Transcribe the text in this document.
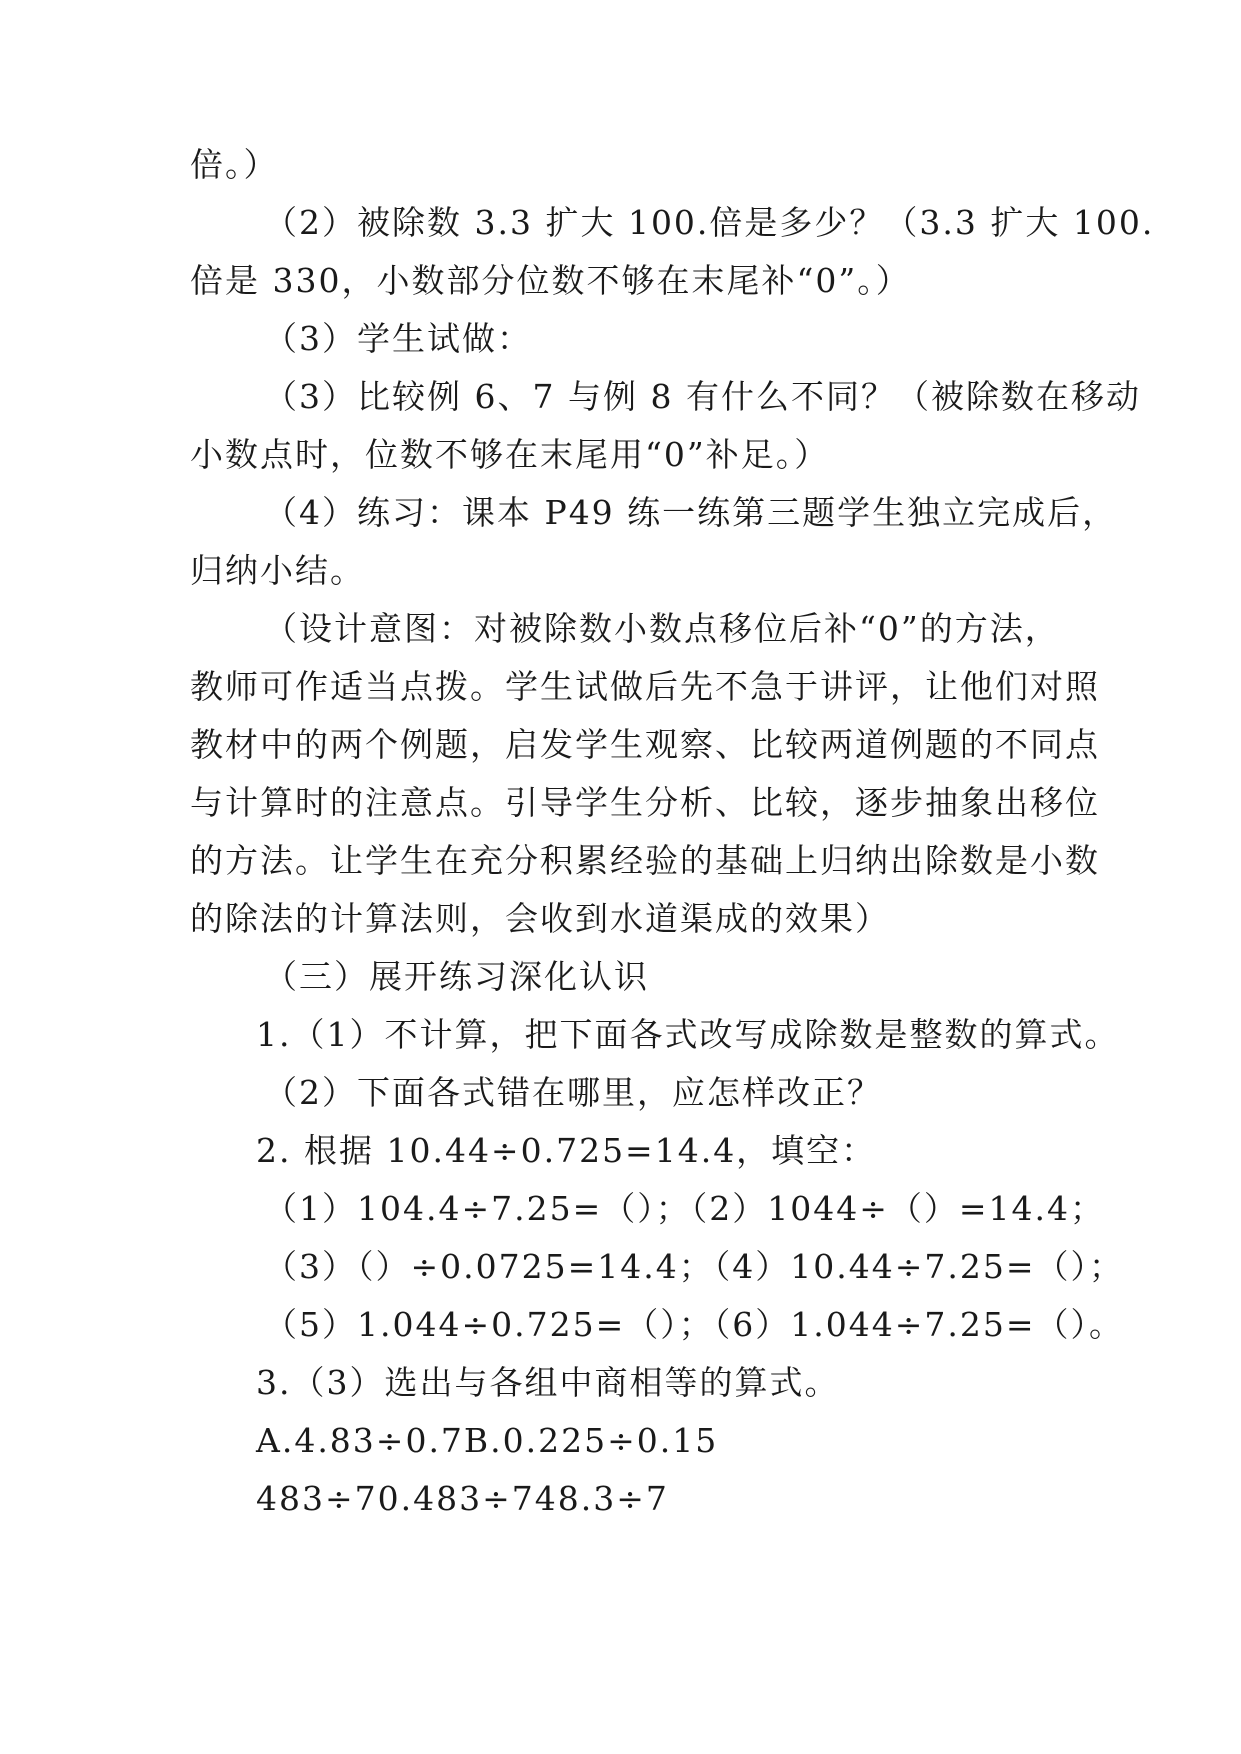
倍。）
（2）被除数 3.3 扩大 100.倍是多少？（3.3 扩大 100.
倍是 330，小数部分位数不够在末尾补“0”。）
（3）学生试做：
（3）比较例 6、7 与例 8 有什么不同？（被除数在移动
小数点时，位数不够在末尾用“0”补足。）
（4）练习：课本 P49 练一练第三题学生独立完成后，
归纳小结。
（设计意图：对被除数小数点移位后补“0”的方法，
教师可作适当点拨。学生试做后先不急于讲评，让他们对照
教材中的两个例题，启发学生观察、比较两道例题的不同点
与计算时的注意点。引导学生分析、比较，逐步抽象出移位
的方法。让学生在充分积累经验的基础上归纳出除数是小数
的除法的计算法则，会收到水道渠成的效果）
（三）展开练习深化认识
1.（1）不计算，把下面各式改写成除数是整数的算式。
（2）下面各式错在哪里，应怎样改正？
2. 根据 10.44÷0.725=14.4，填空：
（1）104.4÷7.25=（）；（2）1044÷（）=14.4；
（3）（）÷0.0725=14.4；（4）10.44÷7.25=（）；
（5）1.044÷0.725=（）；（6）1.044÷7.25=（）。
3.（3）选出与各组中商相等的算式。
A.4.83÷0.7B.0.225÷0.15
483÷70.483÷748.3÷7
